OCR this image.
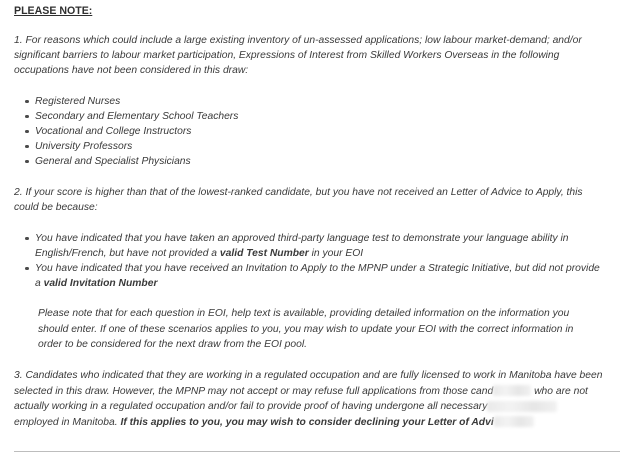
PLEASE NOTE:

1. For reasons which could include a large existing inventory of un-assessed applications; low labour market-demand; and/or significant barriers to labour market participation, Expressions of Interest from Skilled Workers Overseas in the following occupations have not been considered in this draw:

Registered Nurses
Secondary and Elementary School Teachers
Vocational and College Instructors
University Professors
General and Specialist Physicians

2. If your score is higher than that of the lowest-ranked candidate, but you have not received an Letter of Advice to Apply, this could be because:

You have indicated that you have taken an approved third-party language test to demonstrate your language ability in English/French, but have not provided a valid Test Number in your EOI
You have indicated that you have received an Invitation to Apply to the MPNP under a Strategic Initiative, but did not provide a valid Invitation Number

Please note that for each question in EOI, help text is available, providing detailed information on the information you should enter. If one of these scenarios applies to you, you may wish to update your EOI with the correct information in order to be considered for the next draw from the EOI pool.

3. Candidates who indicated that they are working in a regulated occupation and are fully licensed to work in Manitoba have been
selected in this draw. However, the MPNP may not accept or may refuse full applications from those cand	who are not
actually working in a regulated occupation and/or fail to provide proof of having undergone all necessary
employed in Manitoba. If this applies to you, you may wish to consider declining your Letter of Advi
